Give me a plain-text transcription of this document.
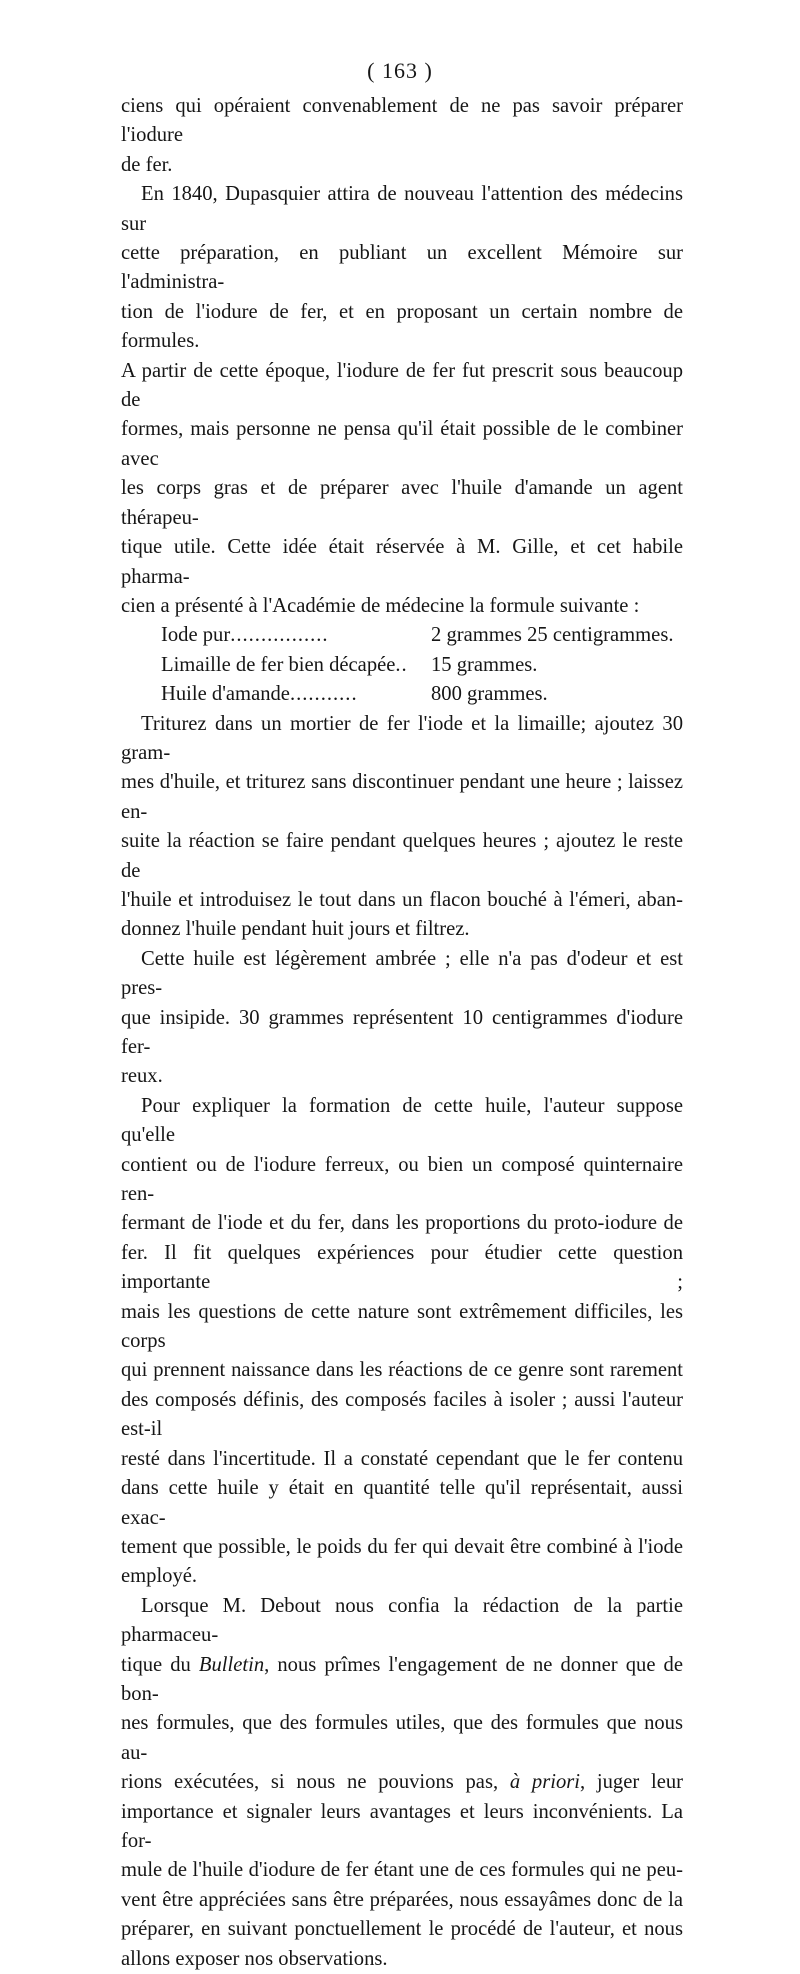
( 163 )

ciens qui opéraient convenablement de ne pas savoir préparer l'iodure

de fer.

En 1840, Dupasquier attira de nouveau l'attention des médecins sur

cette préparation, en publiant un excellent Mémoire sur l'administra-

tion de l'iodure de fer, et en proposant un certain nombre de formules.

A partir de cette époque, l'iodure de fer fut prescrit sous beaucoup de

formes, mais personne ne pensa qu'il était possible de le combiner avec

les corps gras et de préparer avec l'huile d'amande un agent thérapeu-

tique utile. Cette idée était réservée à M. Gille, et cet habile pharma-

cien a présenté à l'Académie de médecine la formule suivante :

Iode pur................	2 grammes 25 centigrammes.
Limaille de fer bien décapée..	15 grammes.
Huile d'amande...........	800 grammes.

Triturez dans un mortier de fer l'iode et la limaille; ajoutez 30 gram-

mes d'huile, et triturez sans discontinuer pendant une heure ; laissez en-

suite la réaction se faire pendant quelques heures ; ajoutez le reste de

l'huile et introduisez le tout dans un flacon bouché à l'émeri, aban-

donnez l'huile pendant huit jours et filtrez.

Cette huile est légèrement ambrée ; elle n'a pas d'odeur et est pres-

que insipide. 30 grammes représentent 10 centigrammes d'iodure fer-

reux.

Pour expliquer la formation de cette huile, l'auteur suppose qu'elle

contient ou de l'iodure ferreux, ou bien un composé quinternaire ren-

fermant de l'iode et du fer, dans les proportions du proto-iodure de

fer. Il fit quelques expériences pour étudier cette question importante ;

mais les questions de cette nature sont extrêmement difficiles, les corps

qui prennent naissance dans les réactions de ce genre sont rarement

des composés définis, des composés faciles à isoler ; aussi l'auteur est-il

resté dans l'incertitude. Il a constaté cependant que le fer contenu

dans cette huile y était en quantité telle qu'il représentait, aussi exac-

tement que possible, le poids du fer qui devait être combiné à l'iode

employé.

Lorsque M. Debout nous confia la rédaction de la partie pharmaceu-

tique du Bulletin, nous prîmes l'engagement de ne donner que de bon-

nes formules, que des formules utiles, que des formules que nous au-

rions exécutées, si nous ne pouvions pas, à priori, juger leur

importance et signaler leurs avantages et leurs inconvénients. La for-

mule de l'huile d'iodure de fer étant une de ces formules qui ne peu-

vent être appréciées sans être préparées, nous essayâmes donc de la

préparer, en suivant ponctuellement le procédé de l'auteur, et nous

allons exposer nos observations.
